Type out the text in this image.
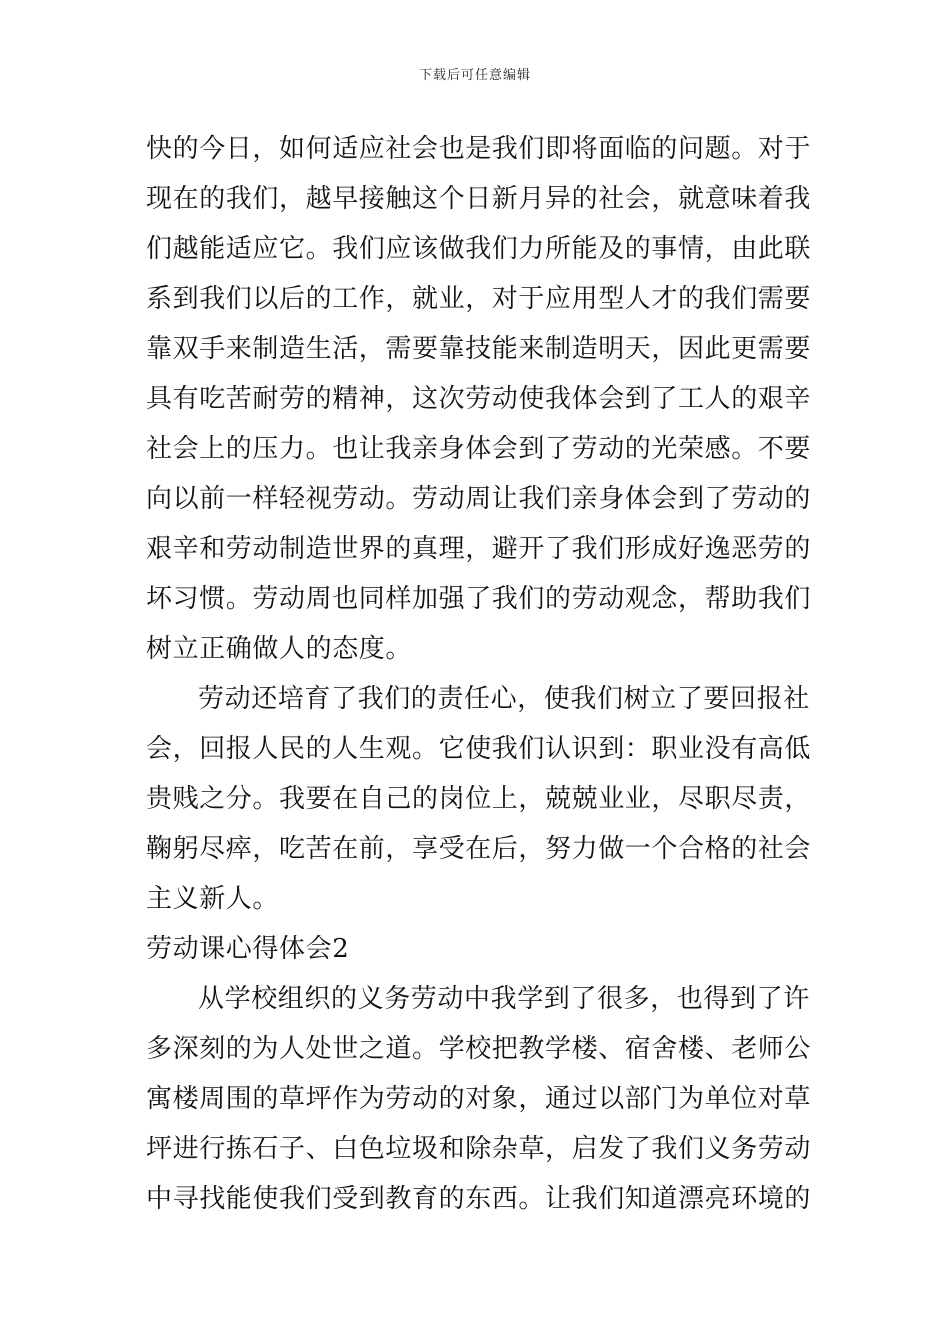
下载后可任意编辑
快的今日，如何适应社会也是我们即将面临的问题。对于
现在的我们，越早接触这个日新月异的社会，就意味着我
们越能适应它。我们应该做我们力所能及的事情，由此联
系到我们以后的工作，就业，对于应用型人才的我们需要
靠双手来制造生活，需要靠技能来制造明天，因此更需要
具有吃苦耐劳的精神，这次劳动使我体会到了工人的艰辛
社会上的压力。也让我亲身体会到了劳动的光荣感。不要
向以前一样轻视劳动。劳动周让我们亲身体会到了劳动的
艰辛和劳动制造世界的真理，避开了我们形成好逸恶劳的
坏习惯。劳动周也同样加强了我们的劳动观念，帮助我们
树立正确做人的态度。
劳动还培育了我们的责任心，使我们树立了要回报社
会，回报人民的人生观。它使我们认识到：职业没有高低
贵贱之分。我要在自己的岗位上，兢兢业业，尽职尽责，
鞠躬尽瘁，吃苦在前，享受在后，努力做一个合格的社会
主义新人。
劳动课心得体会2
从学校组织的义务劳动中我学到了很多，也得到了许
多深刻的为人处世之道。学校把教学楼、宿舍楼、老师公
寓楼周围的草坪作为劳动的对象，通过以部门为单位对草
坪进行拣石子、白色垃圾和除杂草，启发了我们义务劳动
中寻找能使我们受到教育的东西。让我们知道漂亮环境的
